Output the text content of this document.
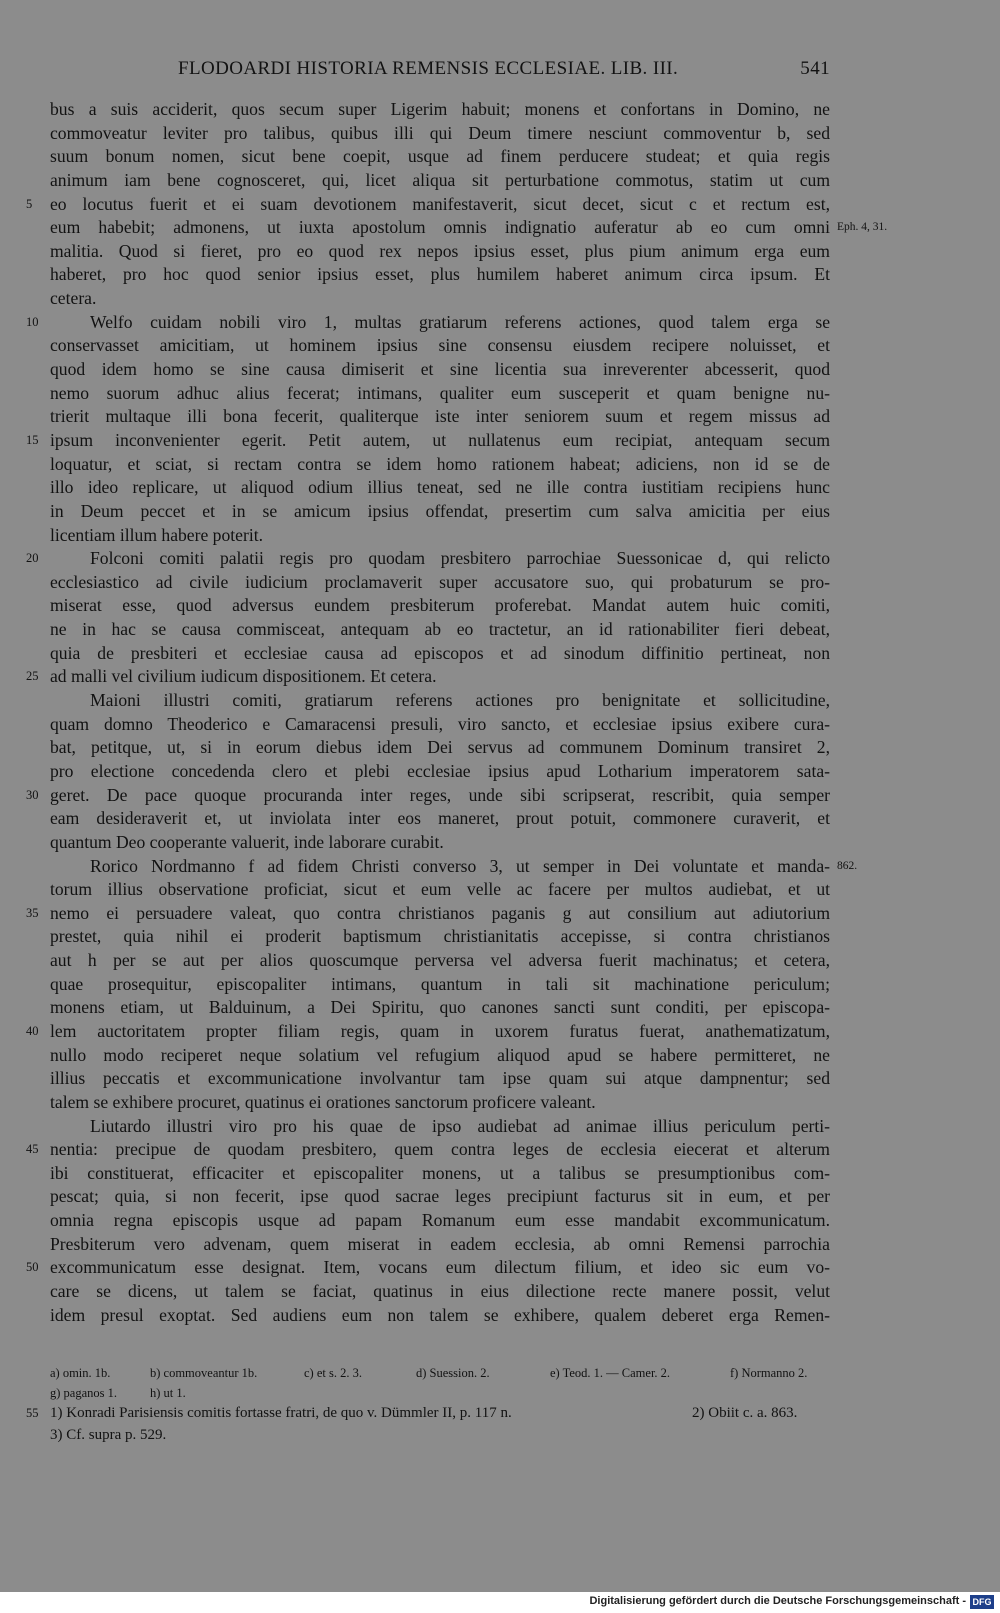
FLODOARDI HISTORIA REMENSIS ECCLESIAE. LIB. III.	541
bus a suis acciderit, quos secum super Ligerim habuit; monens et confortans in Domino, ne
commoveatur leviter pro talibus, quibus illi qui Deum timere nesciunt commoventur b, sed
suum bonum nomen, sicut bene coepit, usque ad finem perducere studeat; et quia regis
animum iam bene cognosceret, qui, licet aliqua sit perturbatione commotus, statim ut cum
5	eo locutus fuerit et ei suam devotionem manifestaverit, sicut decet, sicut c et rectum est,
eum habebit; admonens, ut iuxta apostolum omnis indignatio auferatur ab eo cum omni Eph. 4, 31.
malitia. Quod si fieret, pro eo quod rex nepos ipsius esset, plus pium animum erga eum
haberet, pro hoc quod senior ipsius esset, plus humilem haberet animum circa ipsum. Et
cetera.
10	Welfo cuidam nobili viro 1, multas gratiarum referens actiones, quod talem erga se
conservasset amicitiam, ut hominem ipsius sine consensu eiusdem recipere noluisset, et
quod idem homo se sine causa dimiserit et sine licentia sua inreverenter abcesserit, quod
nemo suorum adhuc alius fecerat; intimans, qualiter eum susceperit et quam benigne nu-
trierit multaque illi bona fecerit, qualiterque iste inter seniorem suum et regem missus ad
15 ipsum inconvenienter egerit. Petit autem, ut nullatenus eum recipiat, antequam secum
loquatur, et sciat, si rectam contra se idem homo rationem habeat; adiciens, non id se de
illo ideo replicare, ut aliquod odium illius teneat, sed ne ille contra iustitiam recipiens hunc
in Deum peccet et in se amicum ipsius offendat, presertim cum salva amicitia per eius
licentiam illum habere poterit.
20	Folconi comiti palatii regis pro quodam presbitero parrochiae Suessonicae d, qui relicto
ecclesiastico ad civile iudicium proclamaverit super accusatore suo, qui probaturum se pro-
miserat esse, quod adversus eundem presbiterum proferebat. Mandat autem huic comiti,
ne in hac se causa commisceat, antequam ab eo tractetur, an id rationabiliter fieri debeat,
quia de presbiteri et ecclesiae causa ad episcopos et ad sinodum diffinitio pertineat, non
25 ad malli vel civilium iudicum dispositionem. Et cetera.
Maioni illustri comiti, gratiarum referens actiones pro benignitate et sollicitudine,
quam domno Theoderico e Camaracensi presuli, viro sancto, et ecclesiae ipsius exibere cura-
bat, petitque, ut, si in eorum diebus idem Dei servus ad communem Dominum transiret 2,
pro electione concedenda clero et plebi ecclesiae ipsius apud Lotharium imperatorem sata-
30 geret. De pace quoque procuranda inter reges, unde sibi scripserat, rescribit, quia semper
eam desideraverit et, ut inviolata inter eos maneret, prout potuit, commonere curaverit, et
quantum Deo cooperante valuerit, inde laborare curabit.
Rorico Nordmanno f ad fidem Christi converso 3, ut semper in Dei voluntate et manda- 862.
torum illius observatione proficiat, sicut et eum velle ac facere per multos audiebat, et ut
35 nemo ei persuadere valeat, quo contra christianos paganis g aut consilium aut adiutorium
prestet, quia nihil ei proderit baptismum christianitatis accepisse, si contra christianos
aut h per se aut per alios quoscumque perversa vel adversa fuerit machinatus; et cetera,
quae prosequitur, episcopaliter intimans, quantum in tali sit machinatione periculum;
monens etiam, ut Balduinum, a Dei Spiritu, quo canones sancti sunt conditi, per episcopa-
40 lem auctoritatem propter filiam regis, quam in uxorem furatus fuerat, anathematizatum,
nullo modo reciperet neque solatium vel refugium aliquod apud se habere permitteret, ne
illius peccatis et excommunicatione involvantur tam ipse quam sui atque dampnentur; sed
talem se exhibere procuret, quatinus ei orationes sanctorum proficere valeant.
Liutardo illustri viro pro his quae de ipso audiebat ad animae illius periculum perti-
45 nentia: precipue de quodam presbitero, quem contra leges de ecclesia eiecerat et alterum
ibi constituerat, efficaciter et episcopaliter monens, ut a talibus se presumptionibus com-
pescat; quia, si non fecerit, ipse quod sacrae leges precipiunt facturus sit in eum, et per
omnia regna episcopis usque ad papam Romanum eum esse mandabit excommunicatum.
Presbiterum vero advenam, quem miserat in eadem ecclesia, ab omni Remensi parrochia
50 excommunicatum esse designat. Item, vocans eum dilectum filium, et ideo sic eum vo-
care se dicens, ut talem se faciat, quatinus in eius dilectione recte manere possit, velut
idem presul exoptat. Sed audiens eum non talem se exhibere, qualem deberet erga Remen-
a) omin. 1b.	b) commoveantur 1b.	c) et s. 2. 3.	d) Suession. 2.	e) Teod. 1. — Camer. 2.	f) Normanno 2.
g) paganos 1.	h) ut 1.
55 1) Konradi Parisiensis comitis fortasse fratri, de quo v. Dümmler II, p. 117 n.	2) Obiit c. a. 863.
3) Cf. supra p. 529.
Digitalisierung gefördert durch die Deutsche Forschungsgemeinschaft - DFG
